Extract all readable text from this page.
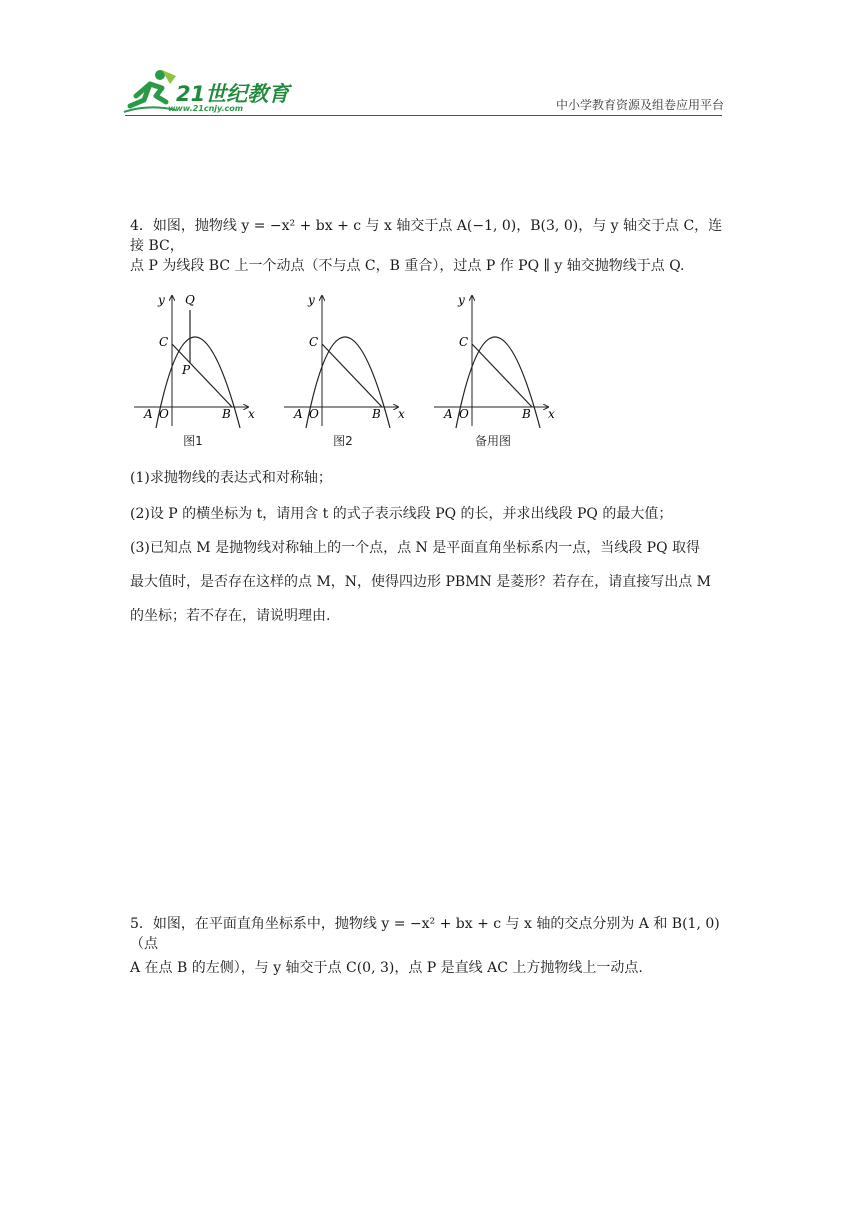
21世纪教育
www.21cnjy.com	中小学教育资源及组卷应用平台
4．如图，抛物线 y = −x² + bx + c 与 x 轴交于点 A(−1, 0)，B(3, 0)，与 y 轴交于点 C，连接 BC，
点 P 为线段 BC 上一个动点（不与点 C，B 重合），过点 P 作 PQ ∥ y 轴交抛物线于点 Q.
y
x
C
A O	B
P
Q
图1
y
x
C
A O	B
图2
y
x
C
A O	B
备用图
(1)求抛物线的表达式和对称轴；
(2)设 P 的横坐标为 t，请用含 t 的式子表示线段 PQ 的长，并求出线段 PQ 的最大值；
(3)已知点 M 是抛物线对称轴上的一个点，点 N 是平面直角坐标系内一点，当线段 PQ 取得
最大值时，是否存在这样的点 M，N，使得四边形 PBMN 是菱形？若存在，请直接写出点 M
的坐标；若不存在，请说明理由.
5．如图，在平面直角坐标系中，抛物线 y = −x² + bx + c 与 x 轴的交点分别为 A 和 B(1, 0)（点
A 在点 B 的左侧），与 y 轴交于点 C(0, 3)，点 P 是直线 AC 上方抛物线上一动点.
